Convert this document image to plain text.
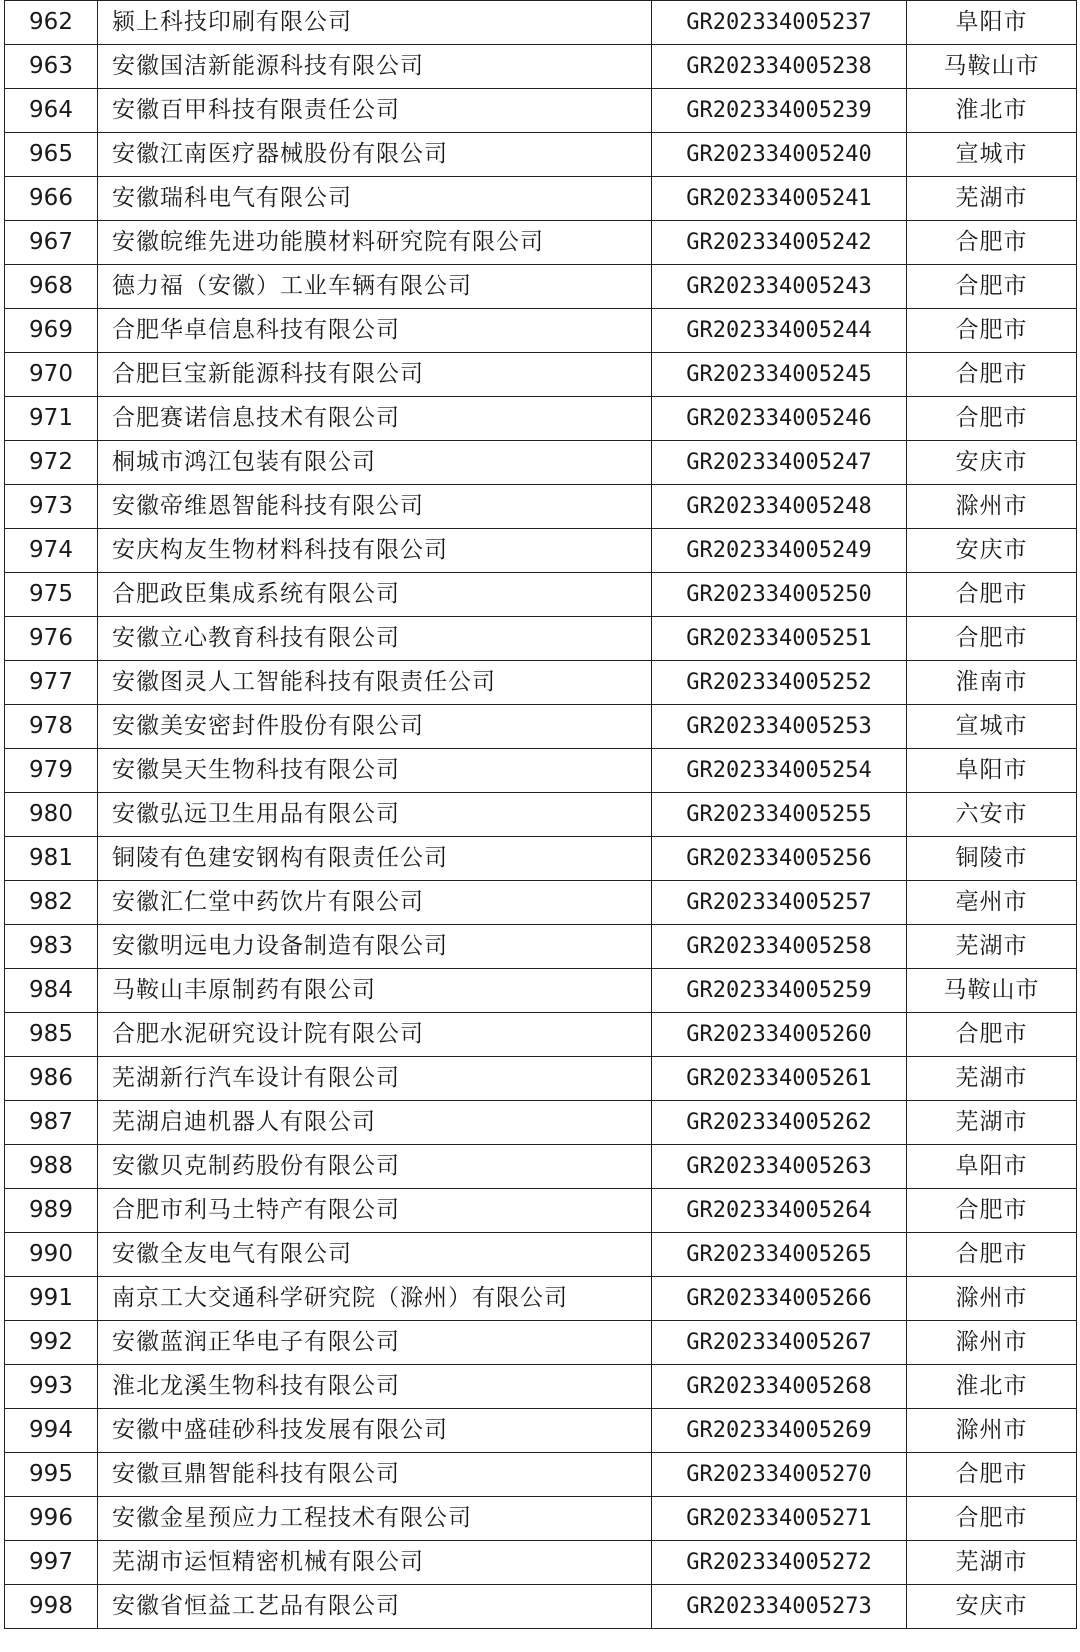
962	颍上科技印刷有限公司	GR202334005237	阜阳市
963	安徽国洁新能源科技有限公司	GR202334005238	马鞍山市
964	安徽百甲科技有限责任公司	GR202334005239	淮北市
965	安徽江南医疗器械股份有限公司	GR202334005240	宣城市
966	安徽瑞科电气有限公司	GR202334005241	芜湖市
967	安徽皖维先进功能膜材料研究院有限公司	GR202334005242	合肥市
968	德力福（安徽）工业车辆有限公司	GR202334005243	合肥市
969	合肥华卓信息科技有限公司	GR202334005244	合肥市
970	合肥巨宝新能源科技有限公司	GR202334005245	合肥市
971	合肥赛诺信息技术有限公司	GR202334005246	合肥市
972	桐城市鸿江包装有限公司	GR202334005247	安庆市
973	安徽帝维恩智能科技有限公司	GR202334005248	滁州市
974	安庆构友生物材料科技有限公司	GR202334005249	安庆市
975	合肥政臣集成系统有限公司	GR202334005250	合肥市
976	安徽立心教育科技有限公司	GR202334005251	合肥市
977	安徽图灵人工智能科技有限责任公司	GR202334005252	淮南市
978	安徽美安密封件股份有限公司	GR202334005253	宣城市
979	安徽昊天生物科技有限公司	GR202334005254	阜阳市
980	安徽弘远卫生用品有限公司	GR202334005255	六安市
981	铜陵有色建安钢构有限责任公司	GR202334005256	铜陵市
982	安徽汇仁堂中药饮片有限公司	GR202334005257	亳州市
983	安徽明远电力设备制造有限公司	GR202334005258	芜湖市
984	马鞍山丰原制药有限公司	GR202334005259	马鞍山市
985	合肥水泥研究设计院有限公司	GR202334005260	合肥市
986	芜湖新行汽车设计有限公司	GR202334005261	芜湖市
987	芜湖启迪机器人有限公司	GR202334005262	芜湖市
988	安徽贝克制药股份有限公司	GR202334005263	阜阳市
989	合肥市利马土特产有限公司	GR202334005264	合肥市
990	安徽全友电气有限公司	GR202334005265	合肥市
991	南京工大交通科学研究院（滁州）有限公司	GR202334005266	滁州市
992	安徽蓝润正华电子有限公司	GR202334005267	滁州市
993	淮北龙溪生物科技有限公司	GR202334005268	淮北市
994	安徽中盛硅砂科技发展有限公司	GR202334005269	滁州市
995	安徽亘鼎智能科技有限公司	GR202334005270	合肥市
996	安徽金星预应力工程技术有限公司	GR202334005271	合肥市
997	芜湖市运恒精密机械有限公司	GR202334005272	芜湖市
998	安徽省恒益工艺品有限公司	GR202334005273	安庆市
